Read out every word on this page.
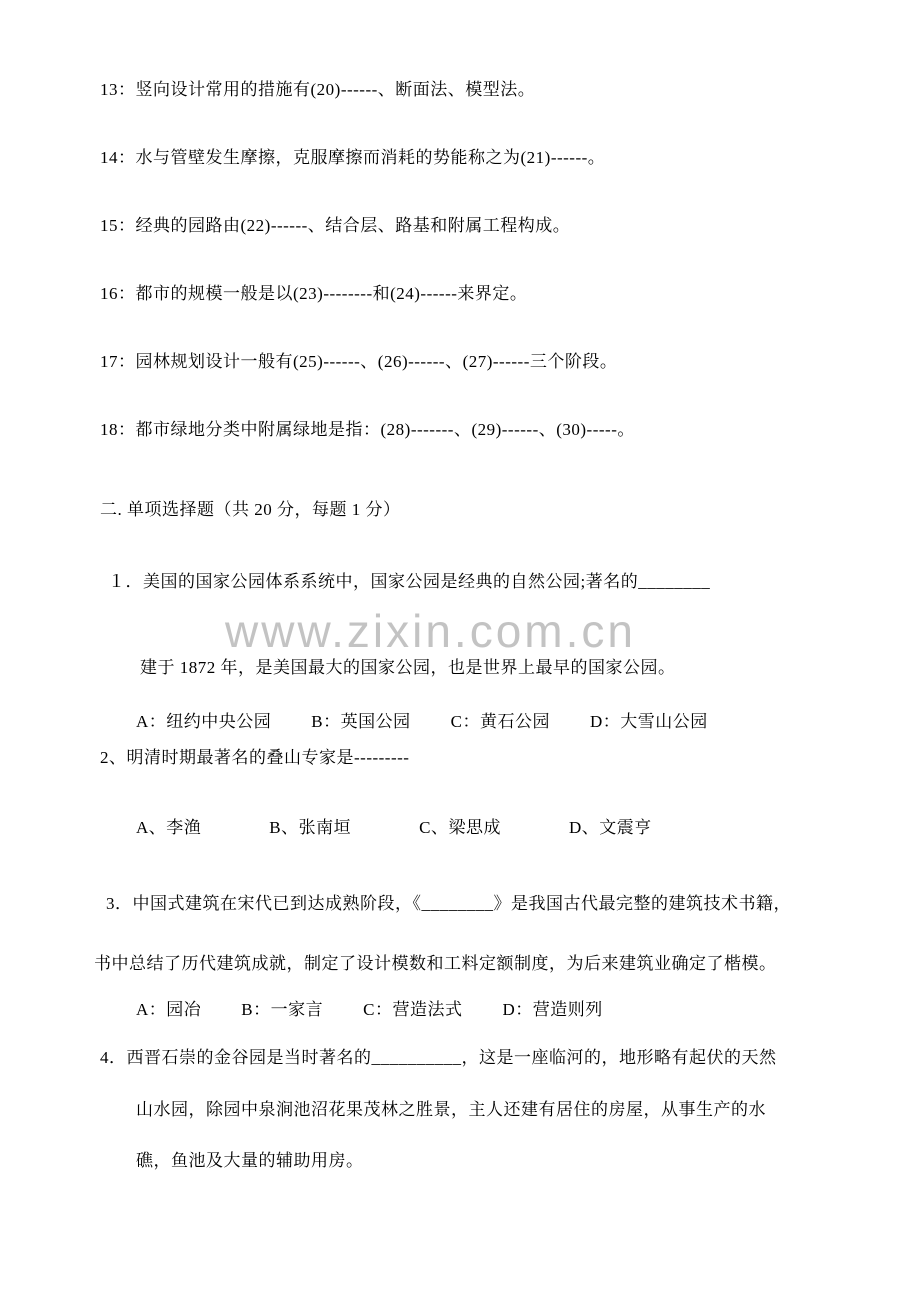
13：竖向设计常用的措施有(20)------、断面法、模型法。

14：水与管壁发生摩擦，克服摩擦而消耗的势能称之为(21)------。

15：经典的园路由(22)------、结合层、路基和附属工程构成。

16：都市的规模一般是以(23)--------和(24)------来界定。

17：园林规划设计一般有(25)------、(26)------、(27)------三个阶段。

18：都市绿地分类中附属绿地是指：(28)-------、(29)------、(30)-----。

二. 单项选择题（共 20 分，每题 1 分）

１．美国的国家公园体系系统中，国家公园是经典的自然公园;著名的________

建于 1872 年，是美国最大的国家公园，也是世界上最早的国家公园。

A：纽约中央公园 B：英国公园 C：黄石公园 D：大雪山公园

2、明清时期最著名的叠山专家是---------

A、李渔	B、张南垣	C、梁思成	D、文震亨

3．中国式建筑在宋代已到达成熟阶段，《________》是我国古代最完整的建筑技术书籍，

书中总结了历代建筑成就，制定了设计模数和工料定额制度，为后来建筑业确定了楷模。

A：园冶 B：一家言 C：营造法式 D：营造则列

4．西晋石崇的金谷园是当时著名的__________，这是一座临河的，地形略有起伏的天然

山水园，除园中泉涧池沼花果茂林之胜景，主人还建有居住的房屋，从事生产的水

礁，鱼池及大量的辅助用房。

www.zixin.com.cn
